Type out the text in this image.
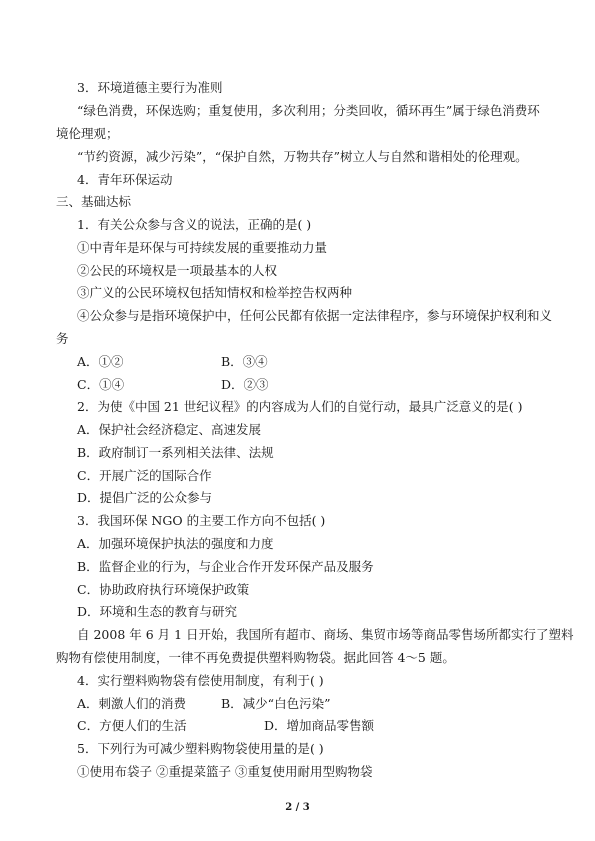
3．环境道德主要行为准则
“绿色消费，环保选购；重复使用，多次利用；分类回收，循环再生”属于绿色消费环
境伦理观；
“节约资源，减少污染”，“保护自然，万物共存”树立人与自然和谐相处的伦理观。
4．青年环保运动
三、基础达标
1．有关公众参与含义的说法，正确的是( )
①中青年是环保与可持续发展的重要推动力量
②公民的环境权是一项最基本的人权
③广义的公民环境权包括知情权和检举控告权两种
④公众参与是指环境保护中，任何公民都有依据一定法律程序，参与环境保护权利和义
务
A．①②	B．③④
C．①④	D．②③
2．为使《中国 21 世纪议程》的内容成为人们的自觉行动，最具广泛意义的是( )
A．保护社会经济稳定、高速发展
B．政府制订一系列相关法律、法规
C．开展广泛的国际合作
D．提倡广泛的公众参与
3．我国环保 NGO 的主要工作方向不包括( )
A．加强环境保护执法的强度和力度
B．监督企业的行为，与企业合作开发环保产品及服务
C．协助政府执行环境保护政策
D．环境和生态的教育与研究
自 2008 年 6 月 1 日开始，我国所有超市、商场、集贸市场等商品零售场所都实行了塑料
购物有偿使用制度，一律不再免费提供塑料购物袋。据此回答 4～5 题。
4．实行塑料购物袋有偿使用制度，有利于( )
A．刺激人们的消费	B．减少“白色污染”
C．方便人们的生活	D．增加商品零售额
5．下列行为可减少塑料购物袋使用量的是( )
①使用布袋子 ②重提菜篮子 ③重复使用耐用型购物袋
2 / 3
